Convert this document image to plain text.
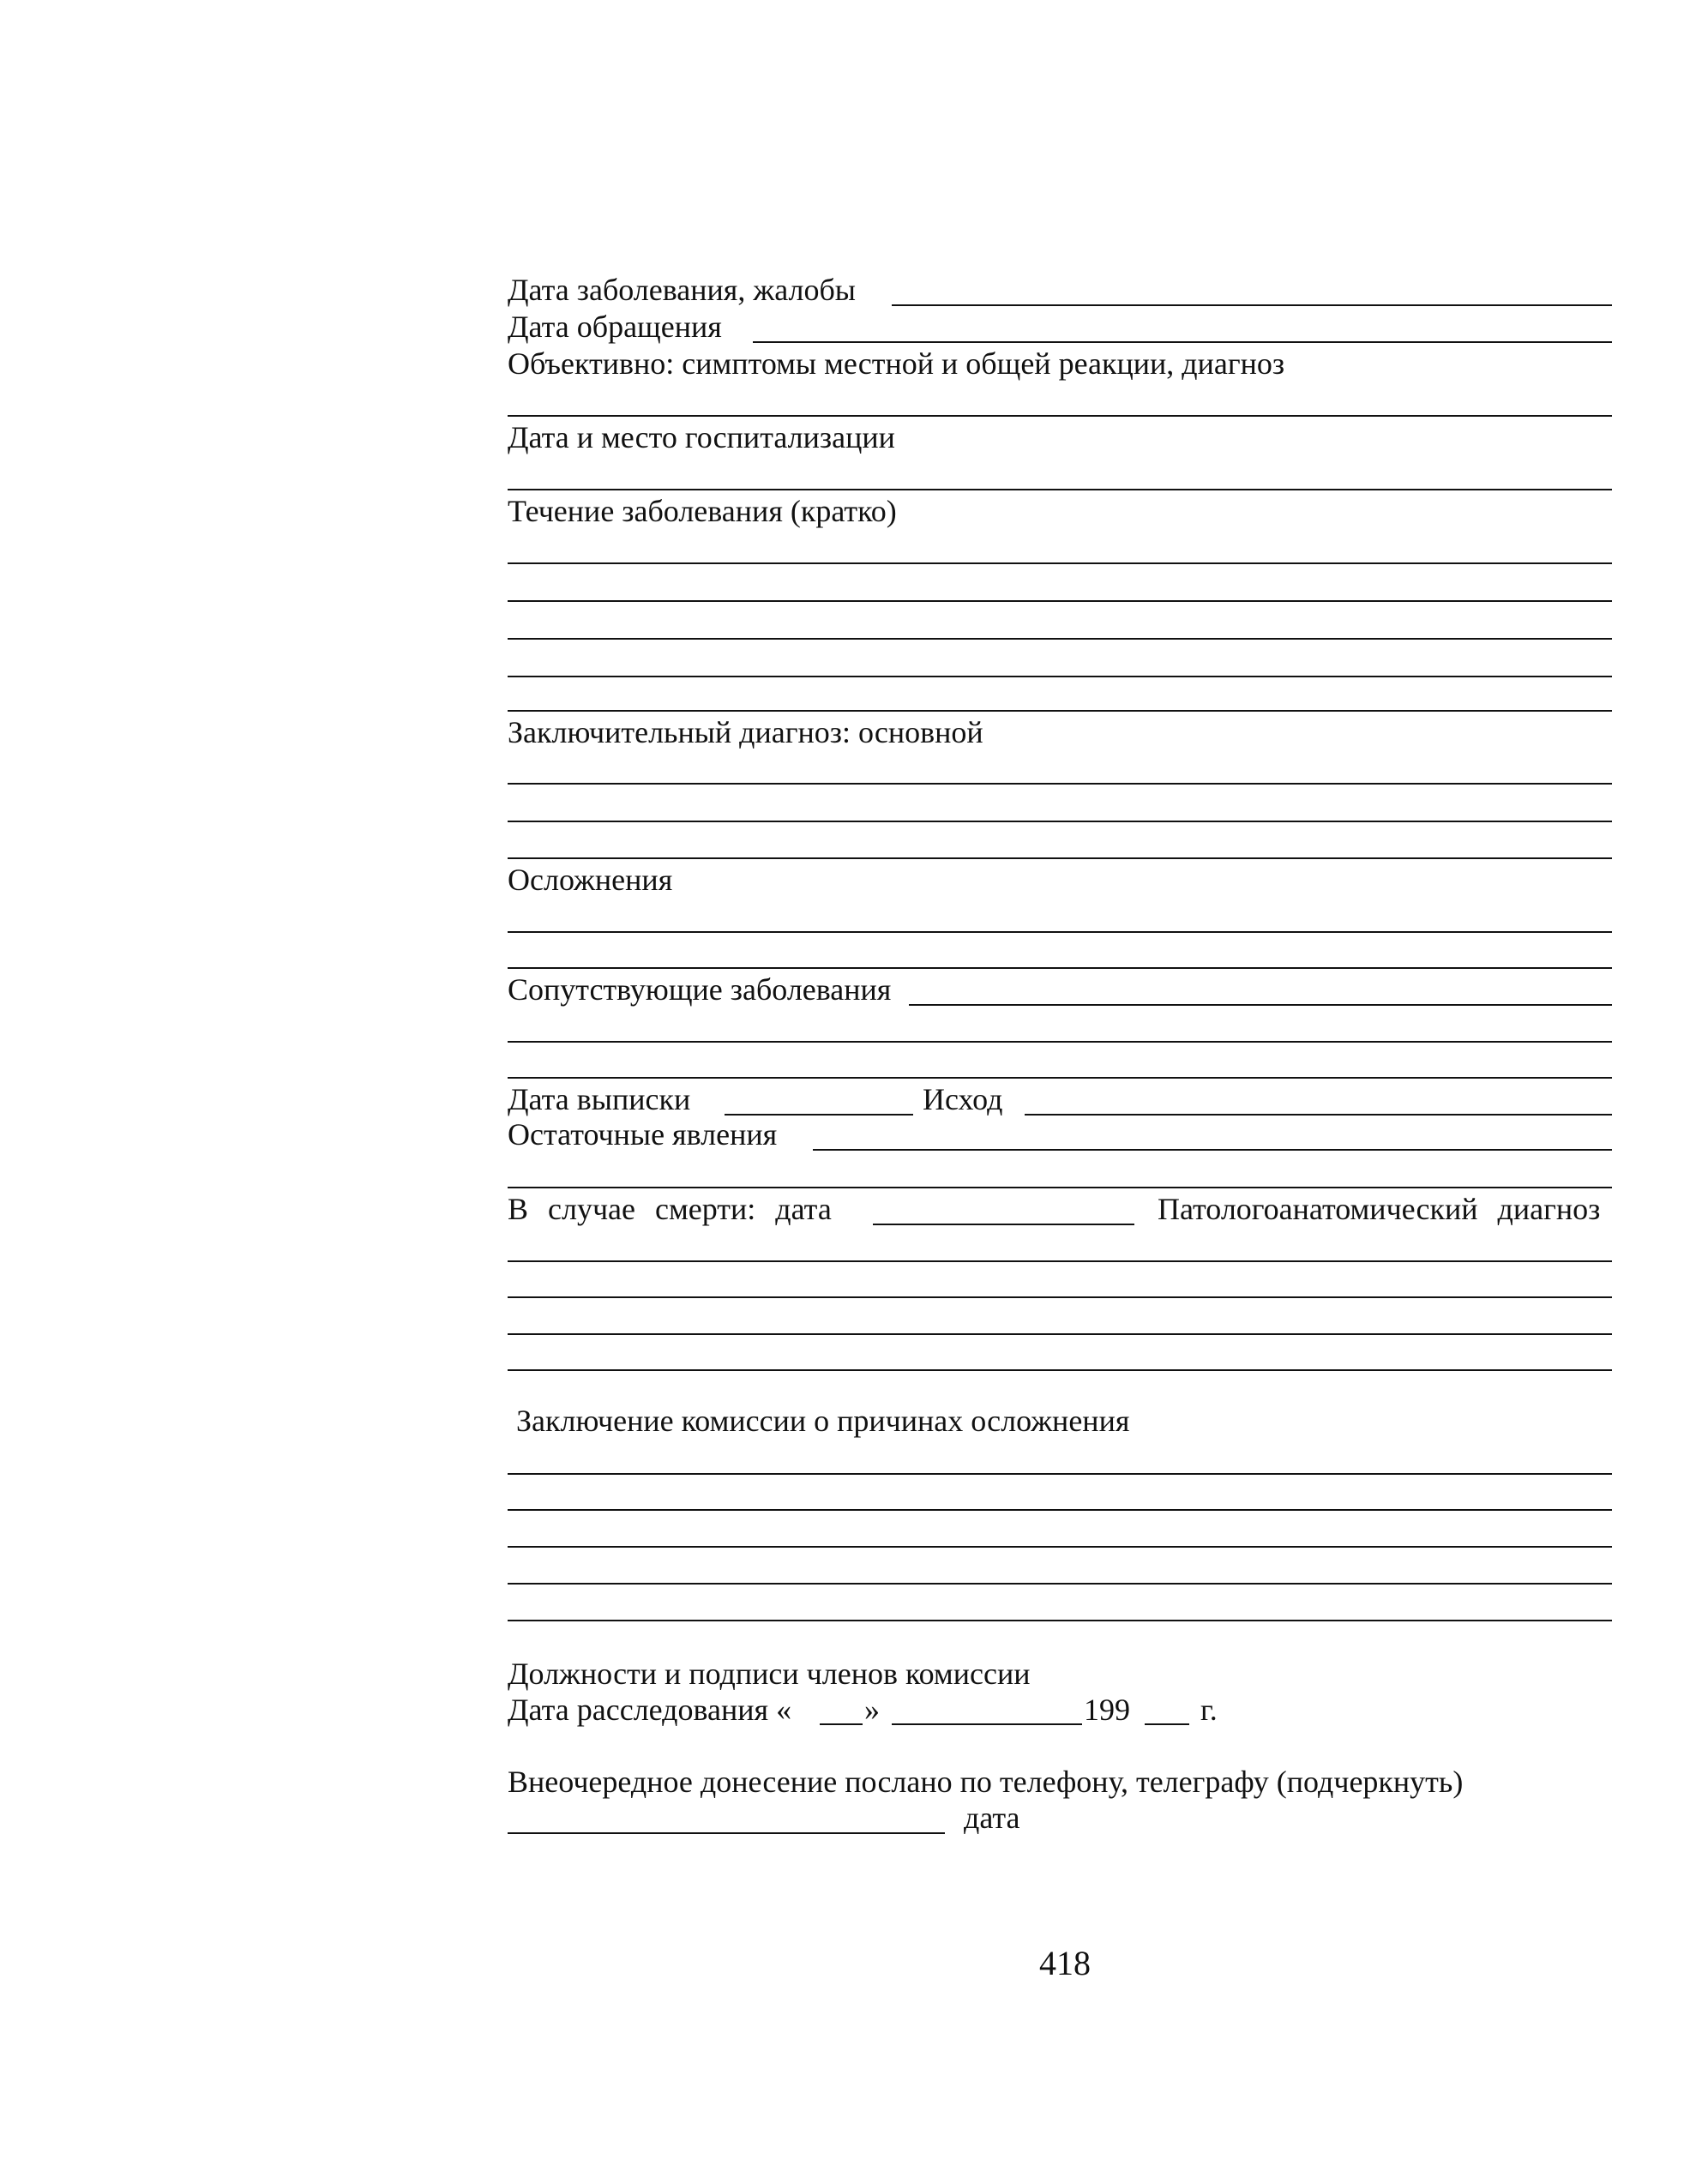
Дата заболевания, жалобы
Дата обращения
Объективно: симптомы местной и общей реакции, диагноз
Дата и место госпитализации
Течение заболевания (кратко)
Заключительный диагноз: основной
Осложнения
Сопутствующие заболевания
Дата выписки	Исход
Остаточные явления
В случае смерти: дата	Патологоанатомический диагноз
Заключение комиссии о причинах осложнения
Должности и подписи членов комиссии
Дата расследования « »	199 г.
Внеочередное донесение послано по телефону, телеграфу (подчеркнуть)
дата
418
